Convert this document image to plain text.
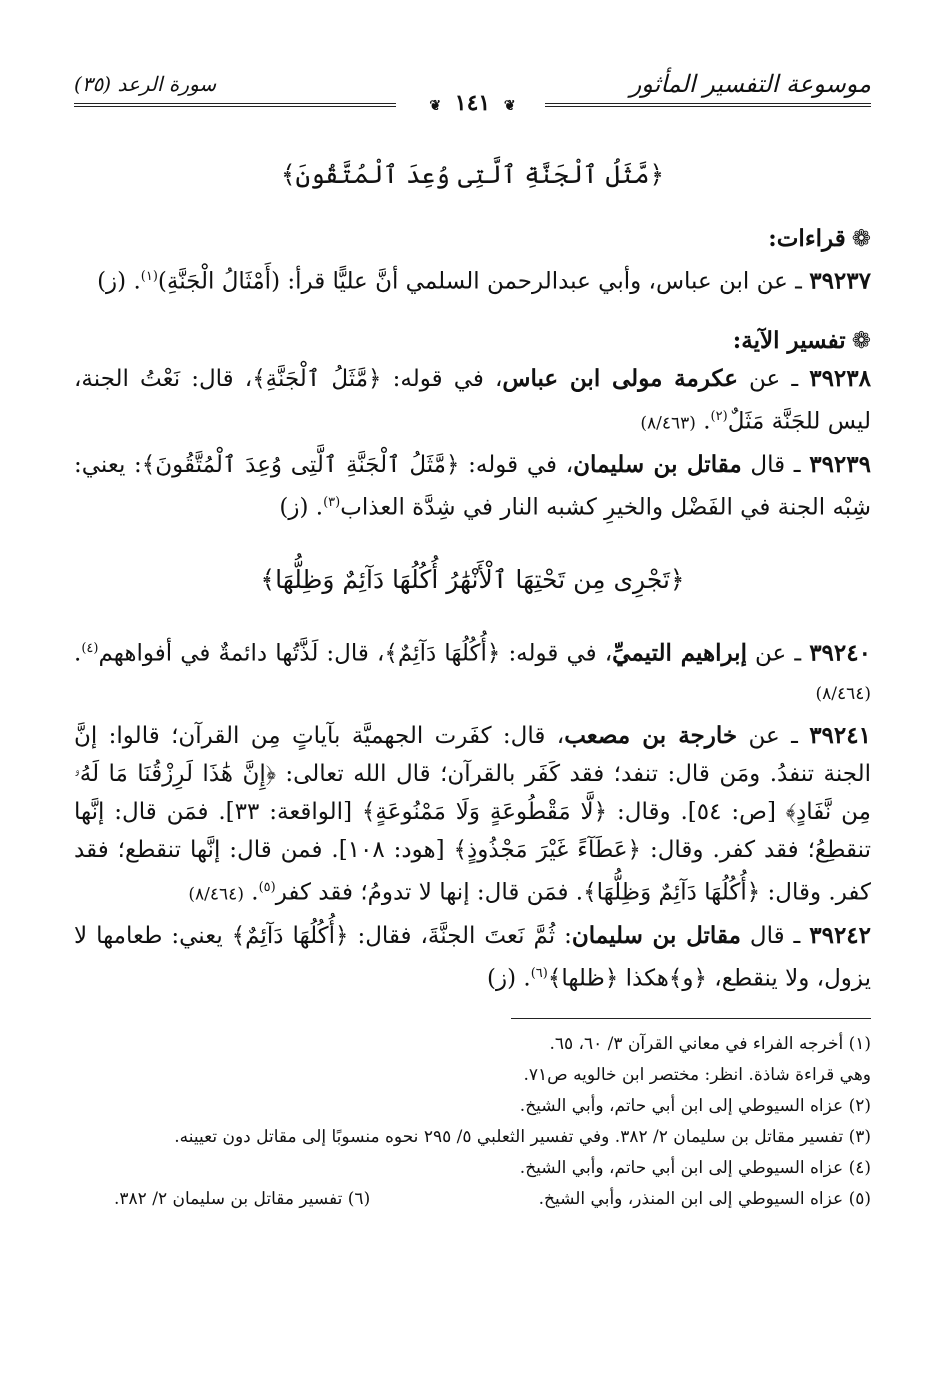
موسوعة التفسير المأثور
سورة الرعد (٣٥)
❦ ١٤١ ❦
﴿مَّثَلُ ٱلْجَنَّةِ ٱلَّتِى وُعِدَ ٱلْمُتَّقُونَ﴾
❁قراءات:

٣٩٢٣٧ ـ عن ابن عباس، وأبي عبدالرحمن السلمي أنَّ عليًّا قرأ: (أَمْثَالُ الْجَنَّةِ)$^{(١)}$. (ز)

❁تفسير الآية:

٣٩٢٣٨ ـ عن عكرمة مولى ابن عباس، في قوله: ﴿مَّثَلُ ٱلْجَنَّةِ﴾، قال: نَعْتُ الجنة، ليس للجَنَّة مَثَلٌ$^{(٢)}$. (٨/٤٦٣)

٣٩٢٣٩ ـ قال مقاتل بن سليمان، في قوله: ﴿مَّثَلُ ٱلْجَنَّةِ ٱلَّتِى وُعِدَ ٱلْمُتَّقُونَ﴾: يعني: شِبْه الجنة في الفَضْل والخيرِ كشبه النار في شِدَّة العذاب$^{(٣)}$. (ز)

﴿تَجْرِى مِن تَحْتِهَا ٱلْأَنْهَٰرُ أُكُلُهَا دَآئِمٌ وَظِلُّهَا﴾

٣٩٢٤٠ ـ عن إبراهيم التيميِّ، في قوله: ﴿أُكُلُهَا دَآئِمٌ﴾، قال: لَذَّتُها دائمةٌ في أفواههم$^{(٤)}$. (٨/٤٦٤)

٣٩٢٤١ ـ عن خارجة بن مصعب، قال: كفَرت الجهميَّة بآياتٍ مِن القرآن؛ قالوا: إنَّ الجنة تنفدُ. ومَن قال: تنفد؛ فقد كَفَر بالقرآن؛ قال الله تعالى: ﴿إِنَّ هَٰذَا لَرِزْقُنَا مَا لَهُۥ مِن نَّفَادٍ﴾ [ص: ٥٤]. وقال: ﴿لَّا مَقْطُوعَةٍ وَلَا مَمْنُوعَةٍ﴾ [الواقعة: ٣٣]. فمَن قال: إنَّها تنقطِعُ؛ فقد كفر. وقال: ﴿عَطَآءً غَيْرَ مَجْذُوذٍ﴾ [هود: ١٠٨]. فمن قال: إنَّها تنقطع؛ فقد كفر. وقال: ﴿أُكُلُهَا دَآئِمٌ وَظِلُّهَا﴾. فمَن قال: إنها لا تدومُ؛ فقد كفر$^{(٥)}$. (٨/٤٦٤)

٣٩٢٤٢ ـ قال مقاتل بن سليمان: ثُمَّ نَعتَ الجنَّةَ، فقال: ﴿أُكُلُهَا دَآئِمٌ﴾ يعني: طعامها لا يزول، ولا ينقطع، ﴿و﴾هكذا ﴿ظلها﴾$^{(٦)}$. (ز)

(١) أخرجه الفراء في معاني القرآن ٣/ ٦٠، ٦٥.

وهي قراءة شاذة. انظر: مختصر ابن خالويه ص٧١.

(٢) عزاه السيوطي إلى ابن أبي حاتم، وأبي الشيخ.

(٣) تفسير مقاتل بن سليمان ٢/ ٣٨٢. وفي تفسير الثعلبي ٥/ ٢٩٥ نحوه منسوبًا إلى مقاتل دون تعيينه.

(٤) عزاه السيوطي إلى ابن أبي حاتم، وأبي الشيخ.

(٥) عزاه السيوطي إلى ابن المنذر، وأبي الشيخ.
(٦) تفسير مقاتل بن سليمان ٢/ ٣٨٢.
